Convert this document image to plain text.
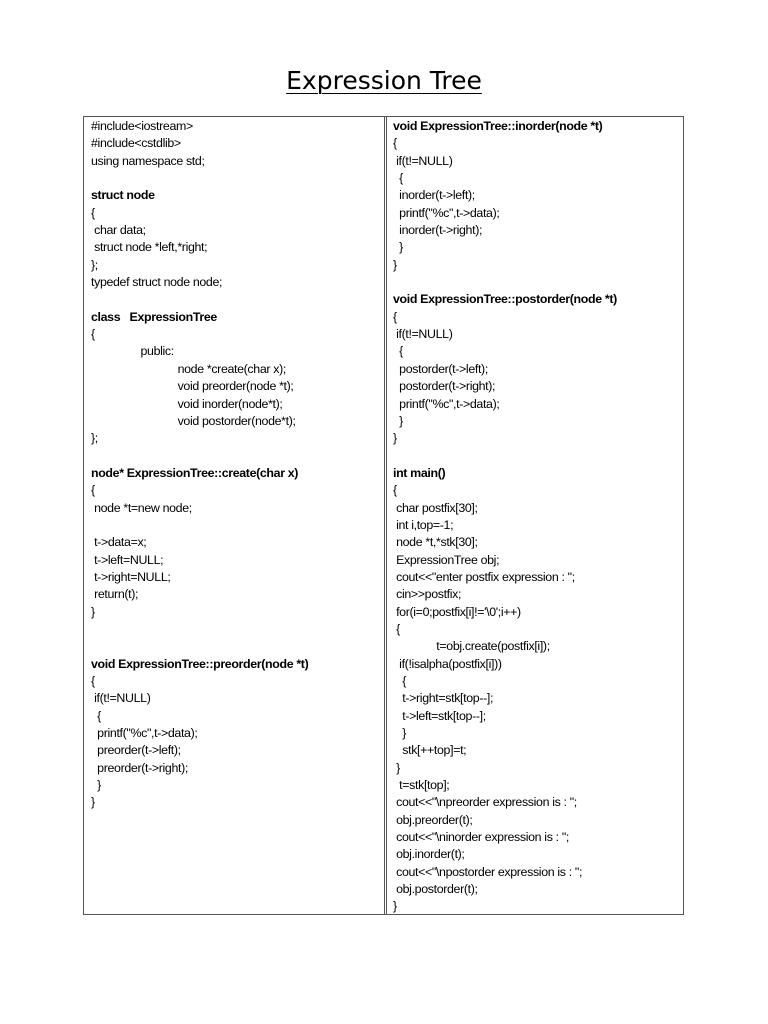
Expression Tree
#include<iostream>
#include<cstdlib>
using namespace std;
struct node
{
char data;
struct node *left,*right;
};
typedef struct node node;
class   ExpressionTree
{
public:
node *create(char x);
void preorder(node *t);
void inorder(node*t);
void postorder(node*t);
};
node* ExpressionTree::create(char x)
{
node *t=new node;
t->data=x;
t->left=NULL;
t->right=NULL;
return(t);
}
void ExpressionTree::preorder(node *t)
{
if(t!=NULL)
{
printf("%c",t->data);
preorder(t->left);
preorder(t->right);
}
}
void ExpressionTree::inorder(node *t)
{
if(t!=NULL)
{
inorder(t->left);
printf("%c",t->data);
inorder(t->right);
}
}
void ExpressionTree::postorder(node *t)
{
if(t!=NULL)
{
postorder(t->left);
postorder(t->right);
printf("%c",t->data);
}
}
int main()
{
char postfix[30];
int i,top=-1;
node *t,*stk[30];
ExpressionTree obj;
cout<<"enter postfix expression : ";
cin>>postfix;
for(i=0;postfix[i]!='\0';i++)
{
t=obj.create(postfix[i]);
if(!isalpha(postfix[i]))
{
t->right=stk[top--];
t->left=stk[top--];
}
stk[++top]=t;
}
t=stk[top];
cout<<"\npreorder expression is : ";
obj.preorder(t);
cout<<"\ninorder expression is : ";
obj.inorder(t);
cout<<"\npostorder expression is : ";
obj.postorder(t);
}
